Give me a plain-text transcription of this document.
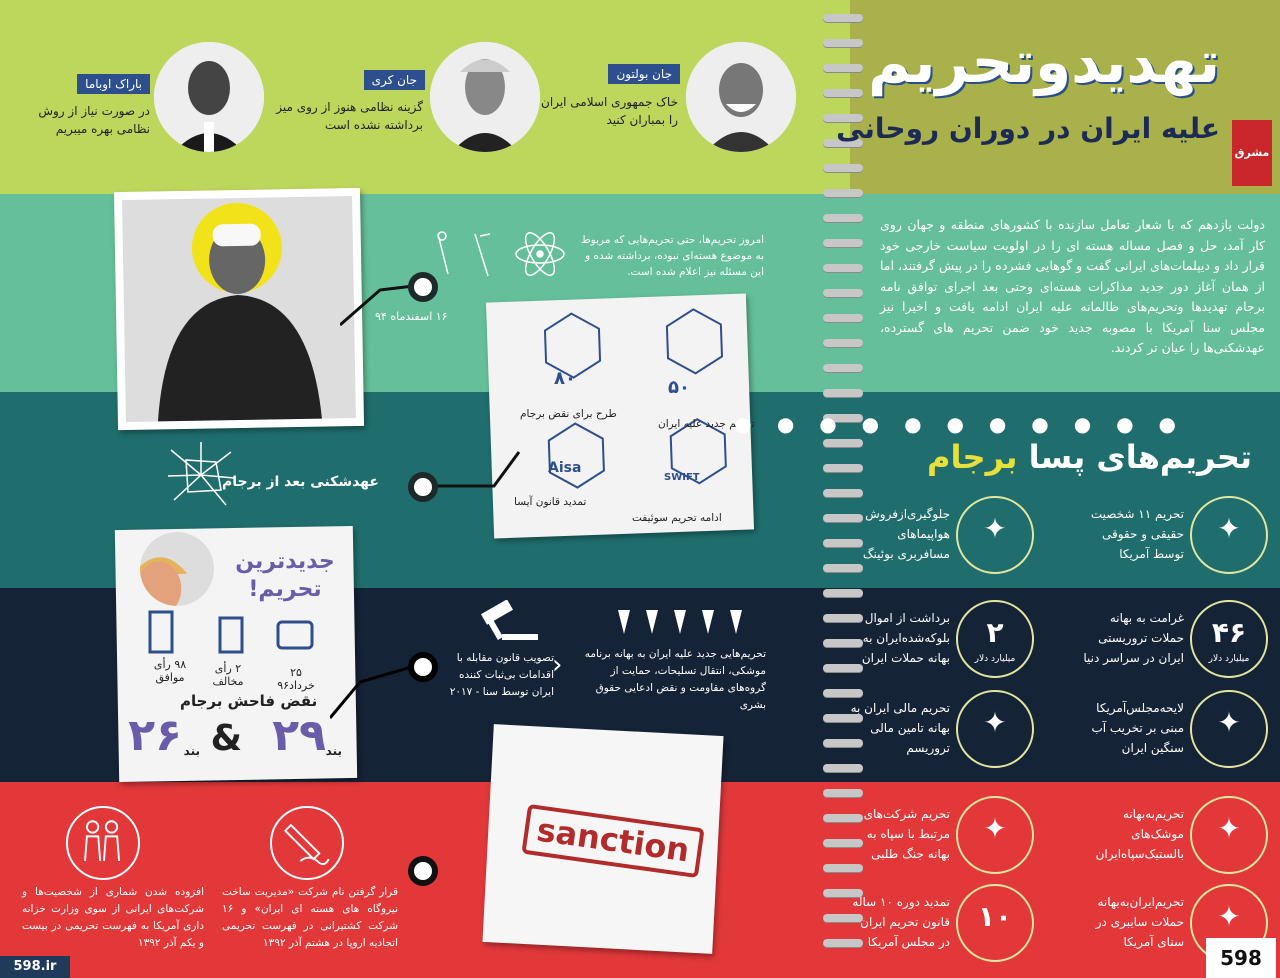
تهدیدوتحریم
علیه ایران در دوران روحانی
مشرق
جان بولتون
خاک جمهوری اسلامی ایران را بمباران کنید
جان کری
گزینه نظامی هنوز از روی میز برداشته نشده است
باراک اوباما
در صورت نیاز از روش نظامی بهره میبریم
۱۶ اسفندماه ۹۴
امروز تحریم‌ها، حتی تحریم‌هایی که مربوط به موضوع هسته‌ای نبوده، برداشته شده و این مسئله نیز اعلام شده است.
دولت یازدهم که با شعار تعامل سازنده با کشورهای منطقه و جهان روی کار آمد، حل و فصل مساله هسته ای را در اولویت سیاست خارجی خود قرار داد و دیپلمات‌های ایرانی گفت و گوهایی فشرده را در پیش گرفتند، اما از همان آغاز دور جدید مذاکرات هسته‌ای وحتی بعد اجرای توافق نامه برجام تهدیدها وتحریم‌های ظالمانه علیه ایران ادامه یافت و اخیرا نیز مجلس سنا آمریکا با مصوبه جدید خود ضمن تحریم های گسترده، عهدشکنی‌ها را عیان تر کردند.
۵۰
تحریم جدید علیه ایران
۸۰
طرح برای نقض برجام
SWIFT
ادامه تحریم سوئیفت
Aisa
تمدید قانون آیسا
عهدشکنی بعد از برجام
● ● ● ● ● ● ● ● ● ● ●
تحریم‌های پسا برجام
✦
تحریم ۱۱ شخصیت حقیقی و حقوقی توسط آمریکا
✦
جلوگیری‌ازفروش هواپیماهای مسافربری بوئینگ
۴۶
میلیارد دلار
غرامت به بهانه حملات تروریستی ایران در سراسر دنیا
۲
میلیارد دلار
برداشت از اموال بلوکه‌شده‌ایران به بهانه حملات ایران
✦
لایحه‌مجلس‌آمریکا مبنی بر تخریب آب سنگین ایران
✦
تحریم مالی ایران به بهانه تامین مالی تروریسم
✦
تحریم‌به‌بهانه موشک‌های بالستیک‌سپاه‌ایران
✦
تحریم شرکت‌های مرتبط با سپاه به بهانه جنگ طلبی
✦
تحریم‌ایران‌به‌بهانه حملات سایبری در سنای آمریکا
۱۰
تمدید دوره ۱۰ ساله قانون تحریم ایران در مجلس آمریکا
جدیدترین تحریم!
۹۸ رأی
موافق
۲ رأی
مخالف
۲۵
خرداد۹۶
نقض فاحش برجام
بند
۲۹
&
بند
۲۶
تحریم‌هایی جدید علیه ایران به بهانه برنامه موشکی، انتقال تسلیحات، حمایت از گروه‌های مقاومت و نقض ادعایی حقوق بشری
تصویب قانون مقابله با اقدامات بی‌ثبات کننده ایران توسط سنا - ۲۰۱۷
›
sanction
قرار گرفتن نام شرکت «مدیریت ساخت نیروگاه های هسته ای ایران» و ۱۶ شرکت کشتیرانی در فهرست تحریمی اتحادیه اروپا در هشتم آذر ۱۳۹۲
افزوده شدن شماری از شخصیت‌ها و شرکت‌های ایرانی از سوی وزارت خزانه داری آمریکا به فهرست تحریمی در بیست و یکم آذر ۱۳۹۲
598.ir	598
